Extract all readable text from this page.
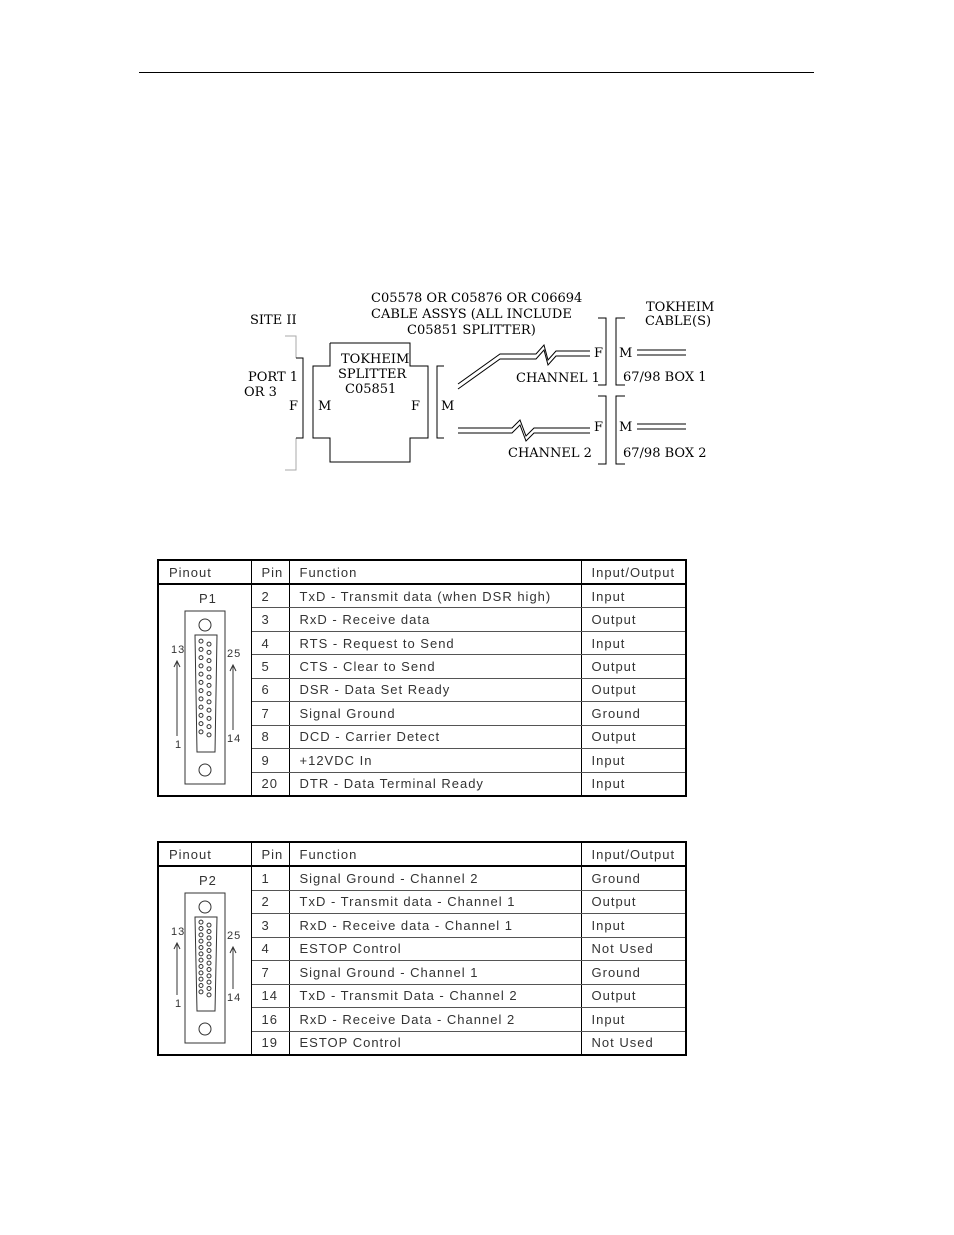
C05578 OR C05876 OR C06694
CABLE ASSYS (ALL INCLUDE
C05851 SPLITTER)
SITE II
PORT 1
OR 3
F
TOKHEIM
SPLITTER
C05851
M	F M
CHANNEL 1
F
CHANNEL 2
F
TOKHEIM
CABLE(S)
M
M
67/98 BOX 1
67/98 BOX 2
Pinout	Pin	Function	Input/Output

P1
13 25
1 14	2	TxD - Transmit data (when DSR high)	Input
	3	RxD - Receive data	Output
	4	RTS - Request to Send	Input
	5	CTS - Clear to Send	Output
	6	DSR - Data Set Ready	Output
	7	Signal Ground	Ground
	8	DCD - Carrier Detect	Output
	9	+12VDC In	Input
	20	DTR - Data Terminal Ready	Input
Pinout	Pin	Function	Input/Output

P2
13 25
1 14	1	Signal Ground - Channel 2	Ground
	2	TxD - Transmit data - Channel 1	Output
	3	RxD - Receive data - Channel 1	Input
	4	ESTOP Control	Not Used
	7	Signal Ground - Channel 1	Ground
	14	TxD - Transmit Data - Channel 2	Output
	16	RxD - Receive Data - Channel 2	Input
	19	ESTOP Control	Not Used
